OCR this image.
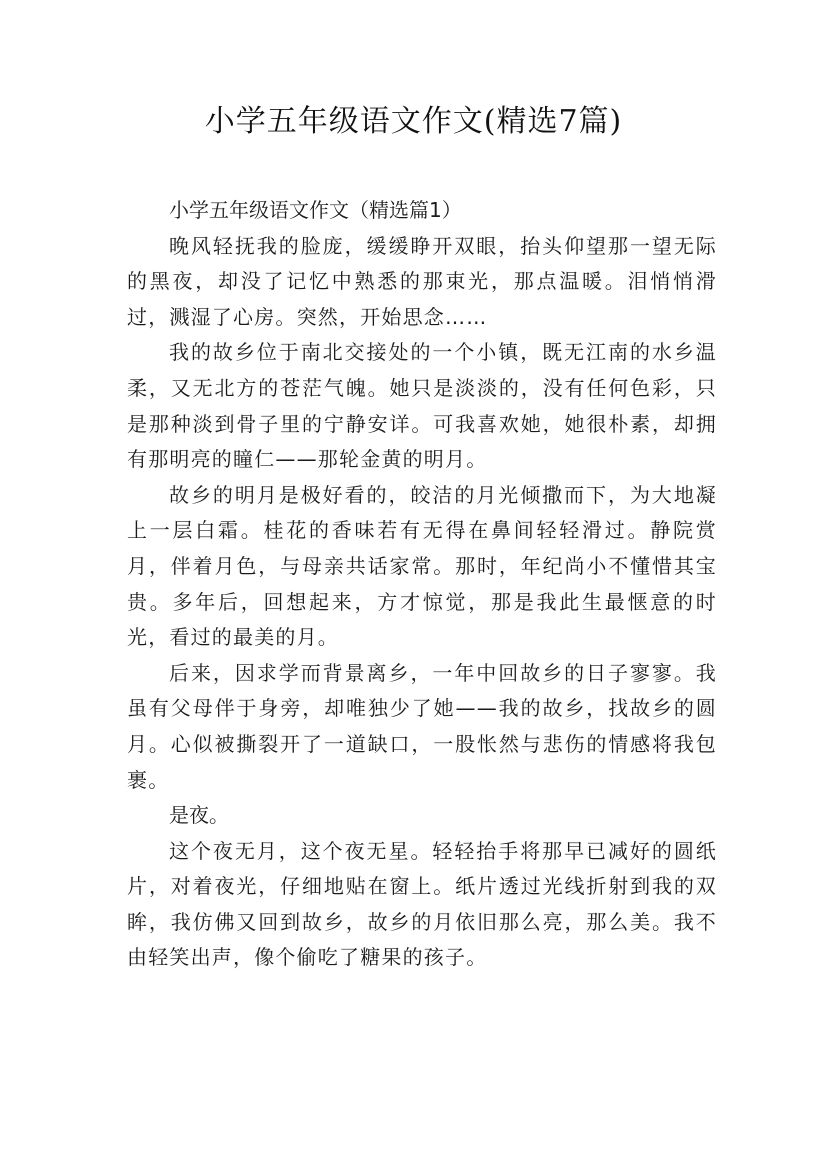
小学五年级语文作文(精选7篇)

小学五年级语文作文（精选篇1）

晚风轻抚我的脸庞，缓缓睁开双眼，抬头仰望那一望无际的黑夜，却没了记忆中熟悉的那束光，那点温暖。泪悄悄滑过，溅湿了心房。突然，开始思念……

我的故乡位于南北交接处的一个小镇，既无江南的水乡温柔，又无北方的苍茫气魄。她只是淡淡的，没有任何色彩，只是那种淡到骨子里的宁静安详。可我喜欢她，她很朴素，却拥有那明亮的瞳仁——那轮金黄的明月。

故乡的明月是极好看的，皎洁的月光倾撒而下，为大地凝上一层白霜。桂花的香味若有无得在鼻间轻轻滑过。静院赏月，伴着月色，与母亲共话家常。那时，年纪尚小不懂惜其宝贵。多年后，回想起来，方才惊觉，那是我此生最惬意的时光，看过的最美的月。

后来，因求学而背景离乡，一年中回故乡的日子寥寥。我虽有父母伴于身旁，却唯独少了她——我的故乡，找故乡的圆月。心似被撕裂开了一道缺口，一股怅然与悲伤的情感将我包裹。

是夜。

这个夜无月，这个夜无星。轻轻抬手将那早已减好的圆纸片，对着夜光，仔细地贴在窗上。纸片透过光线折射到我的双眸，我仿佛又回到故乡，故乡的月依旧那么亮，那么美。我不由轻笑出声，像个偷吃了糖果的孩子。
